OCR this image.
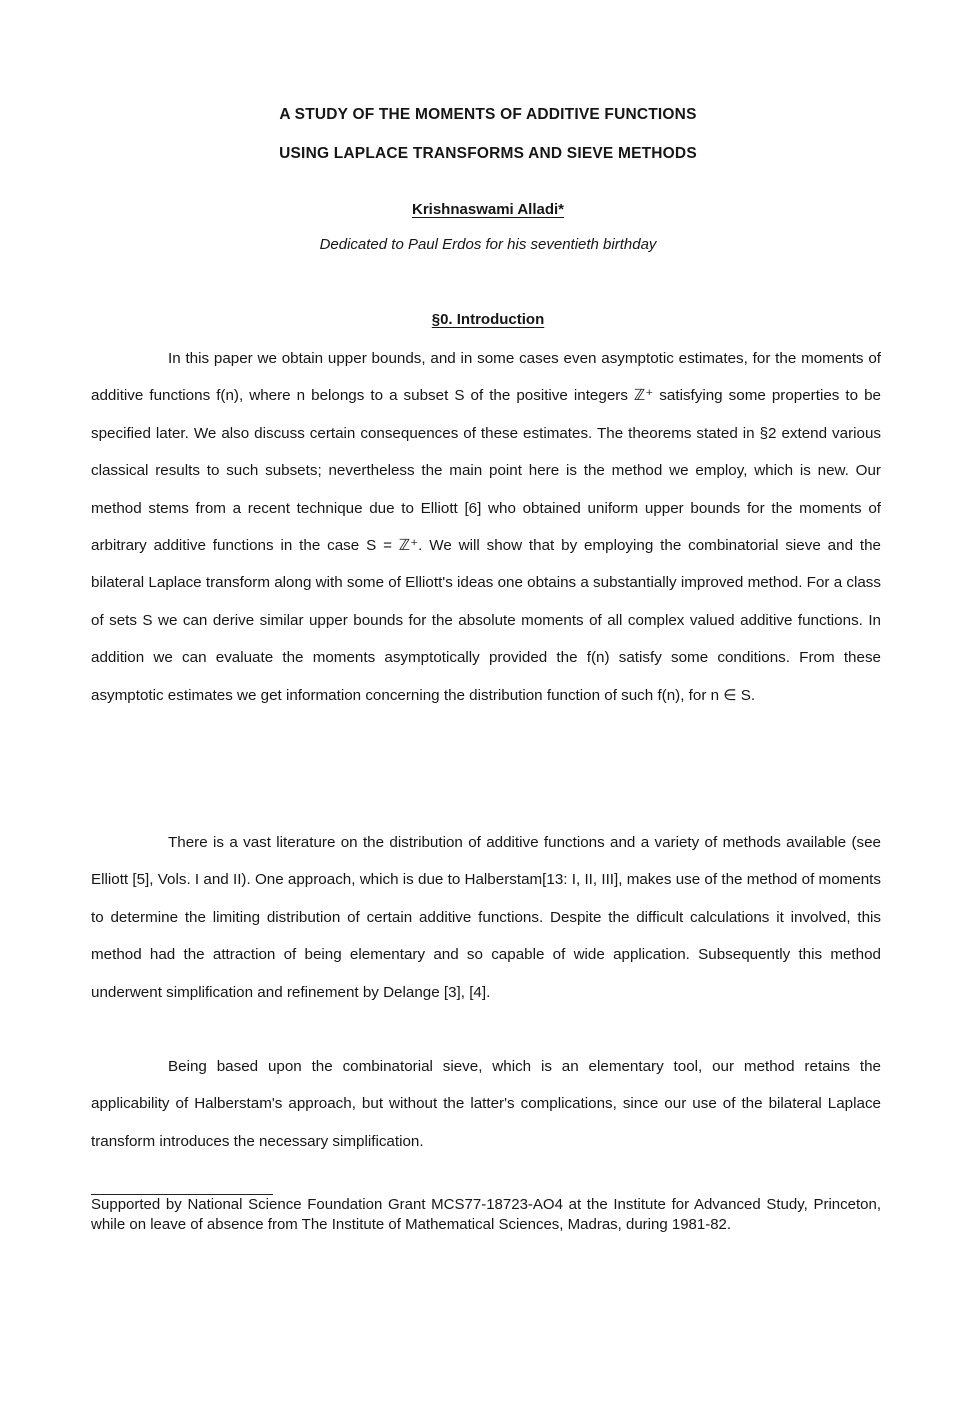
A STUDY OF THE MOMENTS OF ADDITIVE FUNCTIONS
USING LAPLACE TRANSFORMS AND SIEVE METHODS
Krishnaswami Alladi*
Dedicated to Paul Erdos for his seventieth birthday
§0. Introduction

In this paper we obtain upper bounds, and in some cases even asymptotic estimates, for the moments of additive functions f(n), where n belongs to a subset S of the positive integers ℤ⁺ satisfying some properties to be specified later. We also discuss certain consequences of these estimates. The theorems stated in §2 extend various classical results to such subsets; nevertheless the main point here is the method we employ, which is new. Our method stems from a recent technique due to Elliott [6] who obtained uniform upper bounds for the moments of arbitrary additive functions in the case S = ℤ⁺. We will show that by employing the combinatorial sieve and the bilateral Laplace transform along with some of Elliott's ideas one obtains a substantially improved method. For a class of sets S we can derive similar upper bounds for the absolute moments of all complex valued additive functions. In addition we can evaluate the moments asymptotically provided the f(n) satisfy some conditions. From these asymptotic estimates we get information concerning the distribution function of such f(n), for n ∈ S.

There is a vast literature on the distribution of additive functions and a variety of methods available (see Elliott [5], Vols. I and II). One approach, which is due to Halberstam[13: I, II, III], makes use of the method of moments to determine the limiting distribution of certain additive functions. Despite the difficult calculations it involved, this method had the attraction of being elementary and so capable of wide application. Subsequently this method underwent simplification and refinement by Delange [3], [4].

Being based upon the combinatorial sieve, which is an elementary tool, our method retains the applicability of Halberstam's approach, but without the latter's complications, since our use of the bilateral Laplace transform introduces the necessary simplification.

Supported by National Science Foundation Grant MCS77-18723-AO4 at the Institute for Advanced Study, Princeton, while on leave of absence from The Institute of Mathematical Sciences, Madras, during 1981-82.
